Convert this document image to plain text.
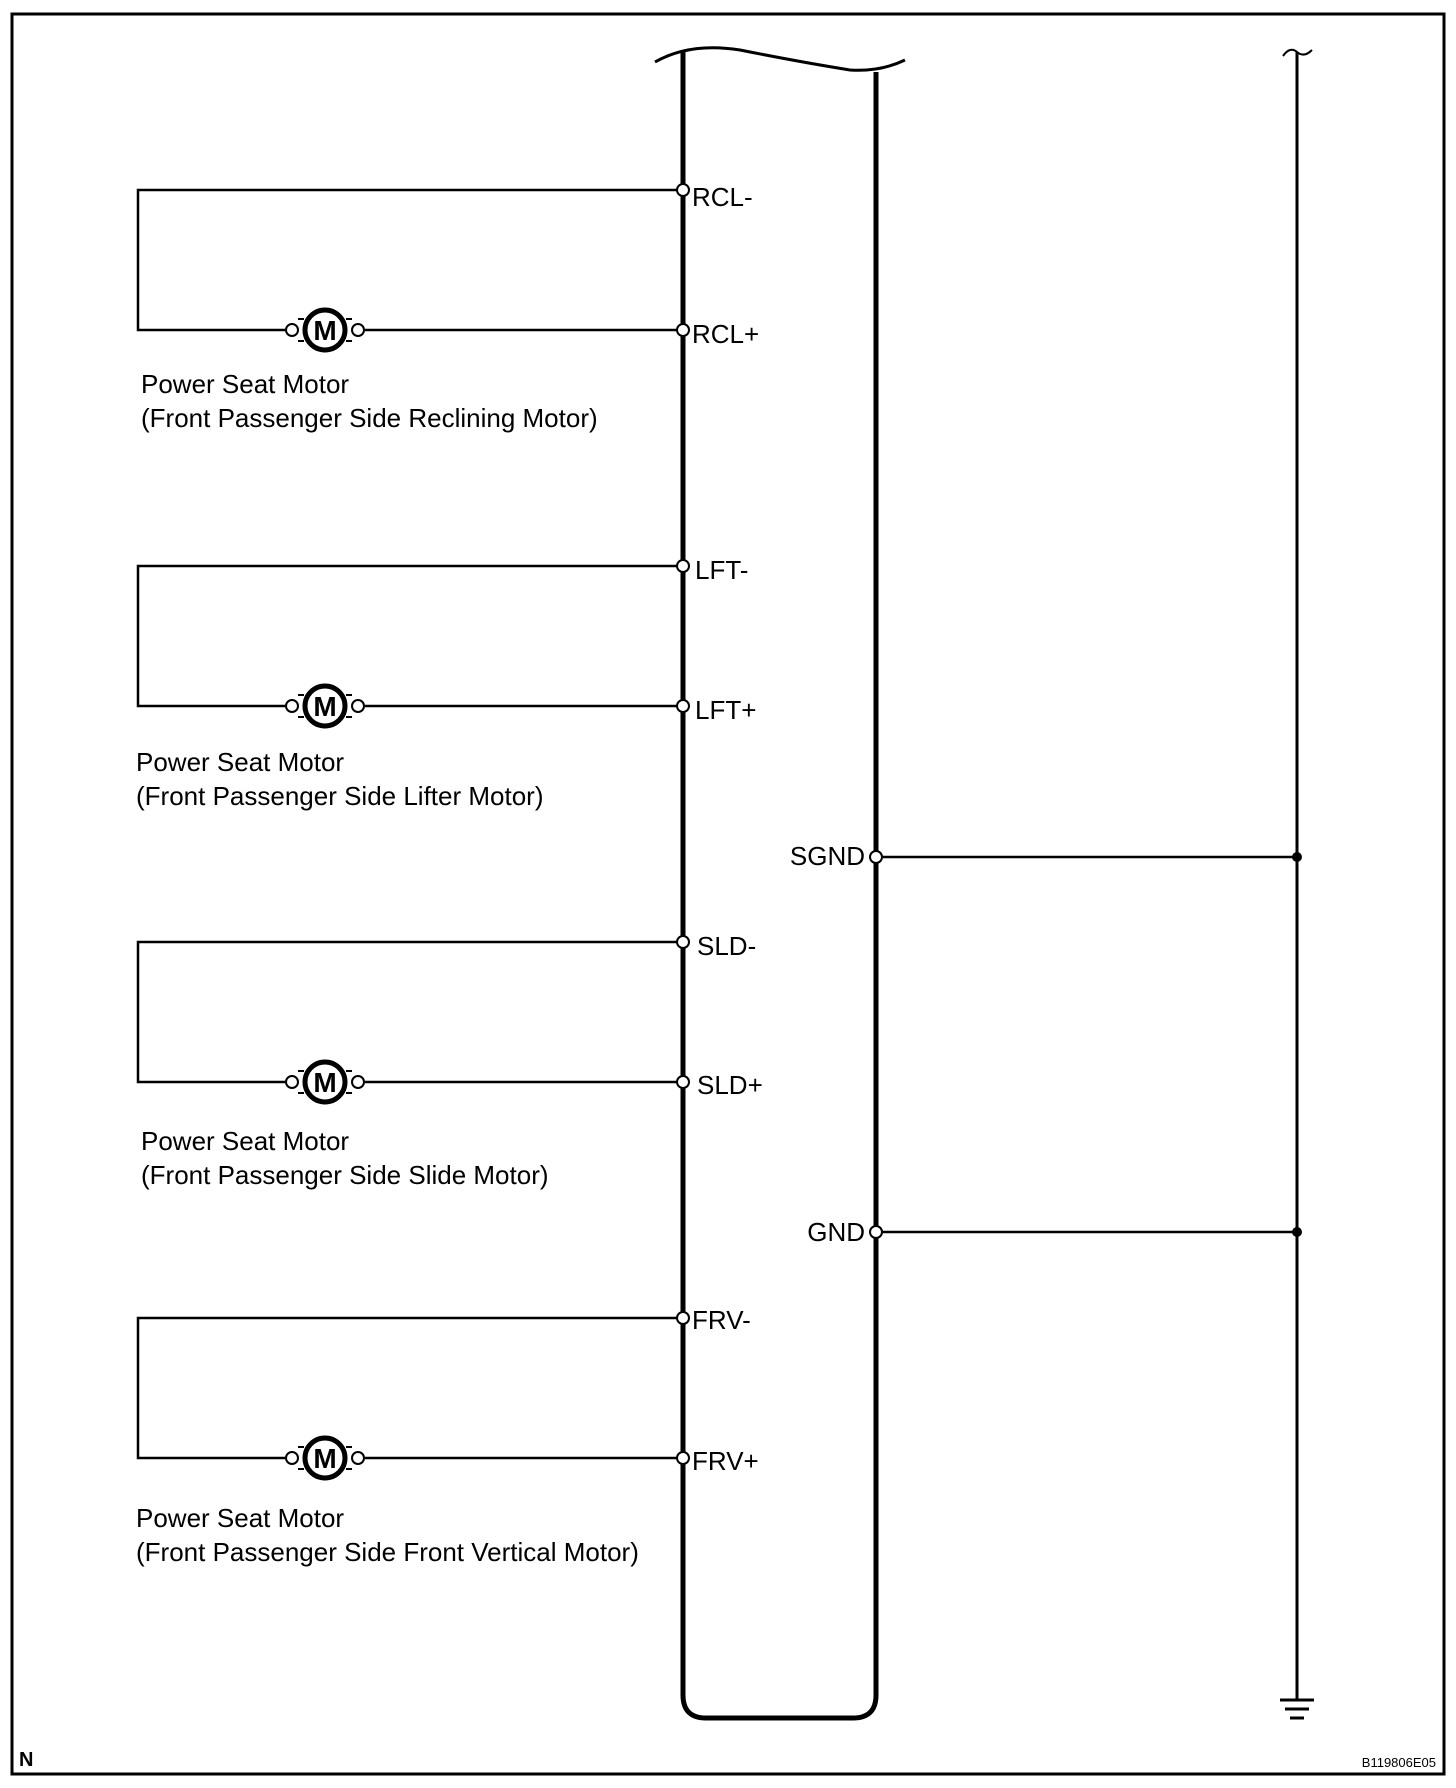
M
M
M
M
RCL-
RCL+
LFT-
LFT+
SLD-
SLD+
FRV-
FRV+
SGND
GND
Power Seat Motor
(Front Passenger Side Reclining Motor)
Power Seat Motor
(Front Passenger Side Lifter Motor)
Power Seat Motor
(Front Passenger Side Slide Motor)
Power Seat Motor
(Front Passenger Side Front Vertical Motor)
N	B119806E05
